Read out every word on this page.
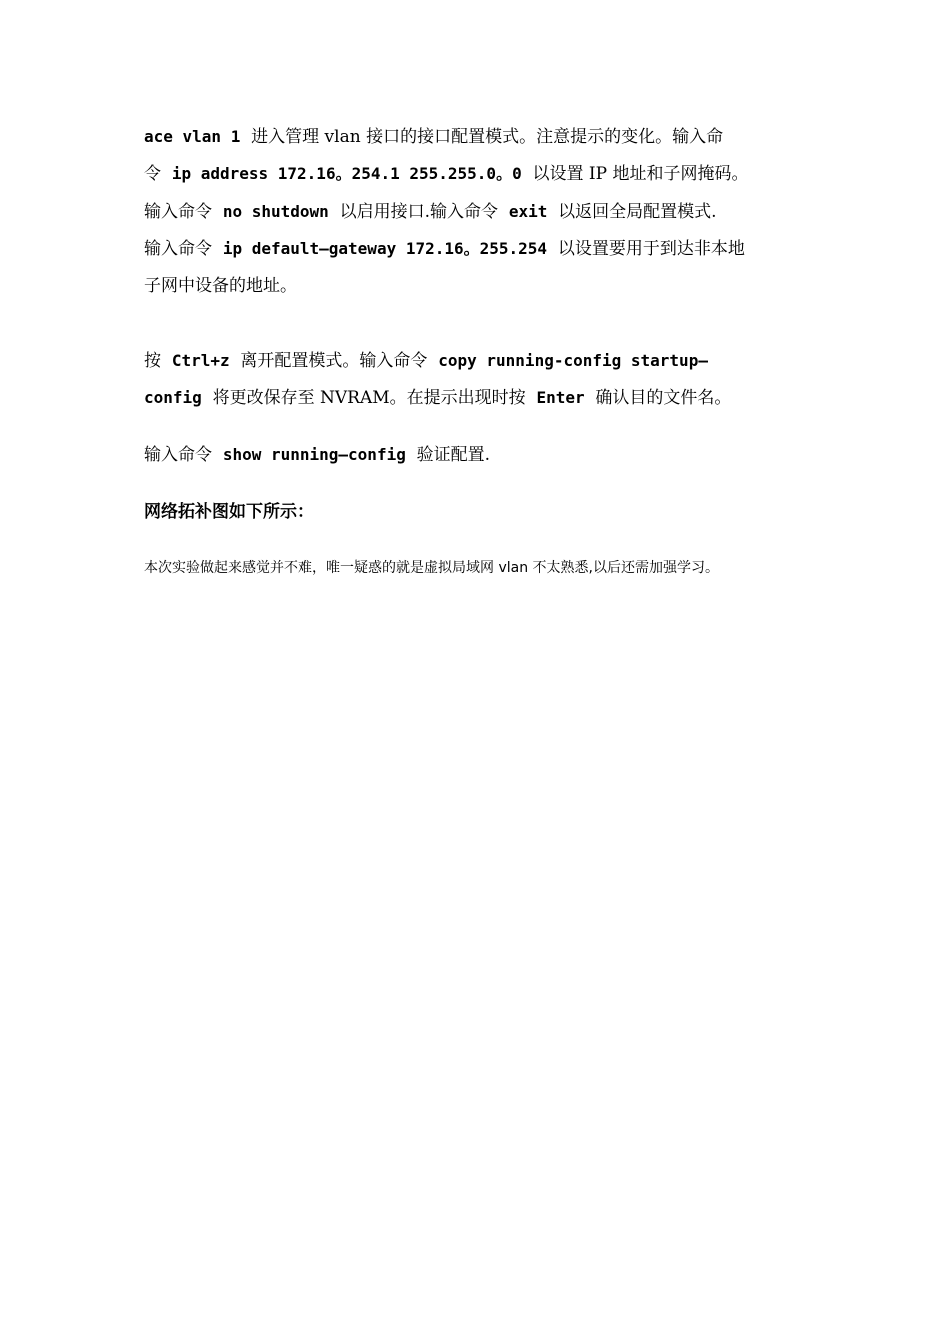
ace vlan 1  进入管理 vlan 接口的接口配置模式。注意提示的变化。输入命
令  ip address 172.16。254.1 255.255.0。0  以设置 IP 地址和子网掩码。
输入命令  no shutdown  以启用接口.输入命令  exit  以返回全局配置模式.
输入命令  ip default—gateway 172.16。255.254  以设置要用于到达非本地
子网中设备的地址。
按  Ctrl+z  离开配置模式。输入命令  copy running-config startup—
config  将更改保存至 NVRAM。在提示出现时按  Enter  确认目的文件名。
输入命令  show running—config  验证配置.
网络拓补图如下所示：
本次实验做起来感觉并不难，唯一疑惑的就是虚拟局域网 vlan 不太熟悉,以后还需加强学习。
